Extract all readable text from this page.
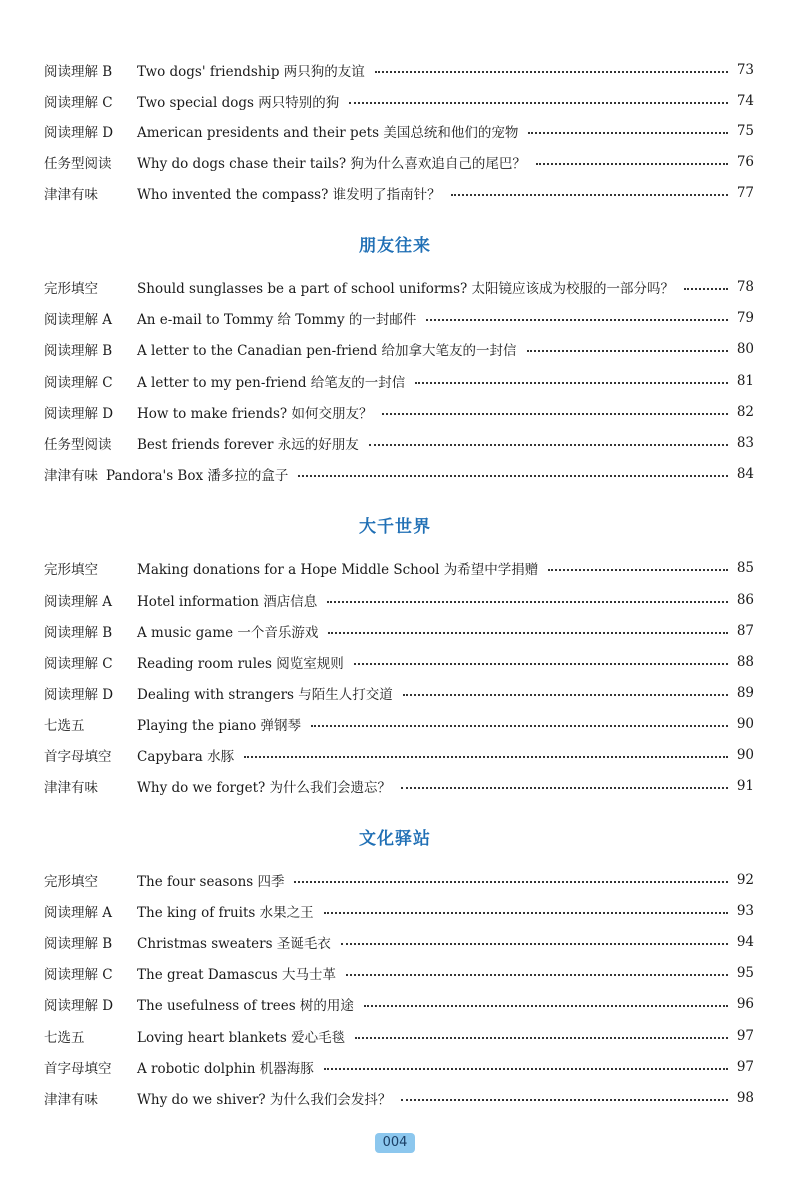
阅读理解 B	Two dogs' friendship 两只狗的友谊	73
阅读理解 C	Two special dogs 两只特别的狗	74
阅读理解 D	American presidents and their pets 美国总统和他们的宠物	75
任务型阅读	Why do dogs chase their tails? 狗为什么喜欢追自己的尾巴？	76
津津有味	Who invented the compass? 谁发明了指南针？	77
朋友往来
完形填空	Should sunglasses be a part of school uniforms? 太阳镜应该成为校服的一部分吗？	78
阅读理解 A	An e-mail to Tommy 给 Tommy 的一封邮件	79
阅读理解 B	A letter to the Canadian pen-friend 给加拿大笔友的一封信	80
阅读理解 C	A letter to my pen-friend 给笔友的一封信	81
阅读理解 D	How to make friends? 如何交朋友？	82
任务型阅读	Best friends forever 永远的好朋友	83
津津有味 Pandora's Box 潘多拉的盒子	84
大千世界
完形填空	Making donations for a Hope Middle School 为希望中学捐赠	85
阅读理解 A	Hotel information 酒店信息	86
阅读理解 B	A music game 一个音乐游戏	87
阅读理解 C	Reading room rules 阅览室规则	88
阅读理解 D	Dealing with strangers 与陌生人打交道	89
七选五	Playing the piano 弹钢琴	90
首字母填空	Capybara 水豚	90
津津有味	Why do we forget? 为什么我们会遗忘？	91
文化驿站
完形填空	The four seasons 四季	92
阅读理解 A	The king of fruits 水果之王	93
阅读理解 B	Christmas sweaters 圣诞毛衣	94
阅读理解 C	The great Damascus 大马士革	95
阅读理解 D	The usefulness of trees 树的用途	96
七选五	Loving heart blankets 爱心毛毯	97
首字母填空	A robotic dolphin 机器海豚	97
津津有味	Why do we shiver? 为什么我们会发抖？	98
004
